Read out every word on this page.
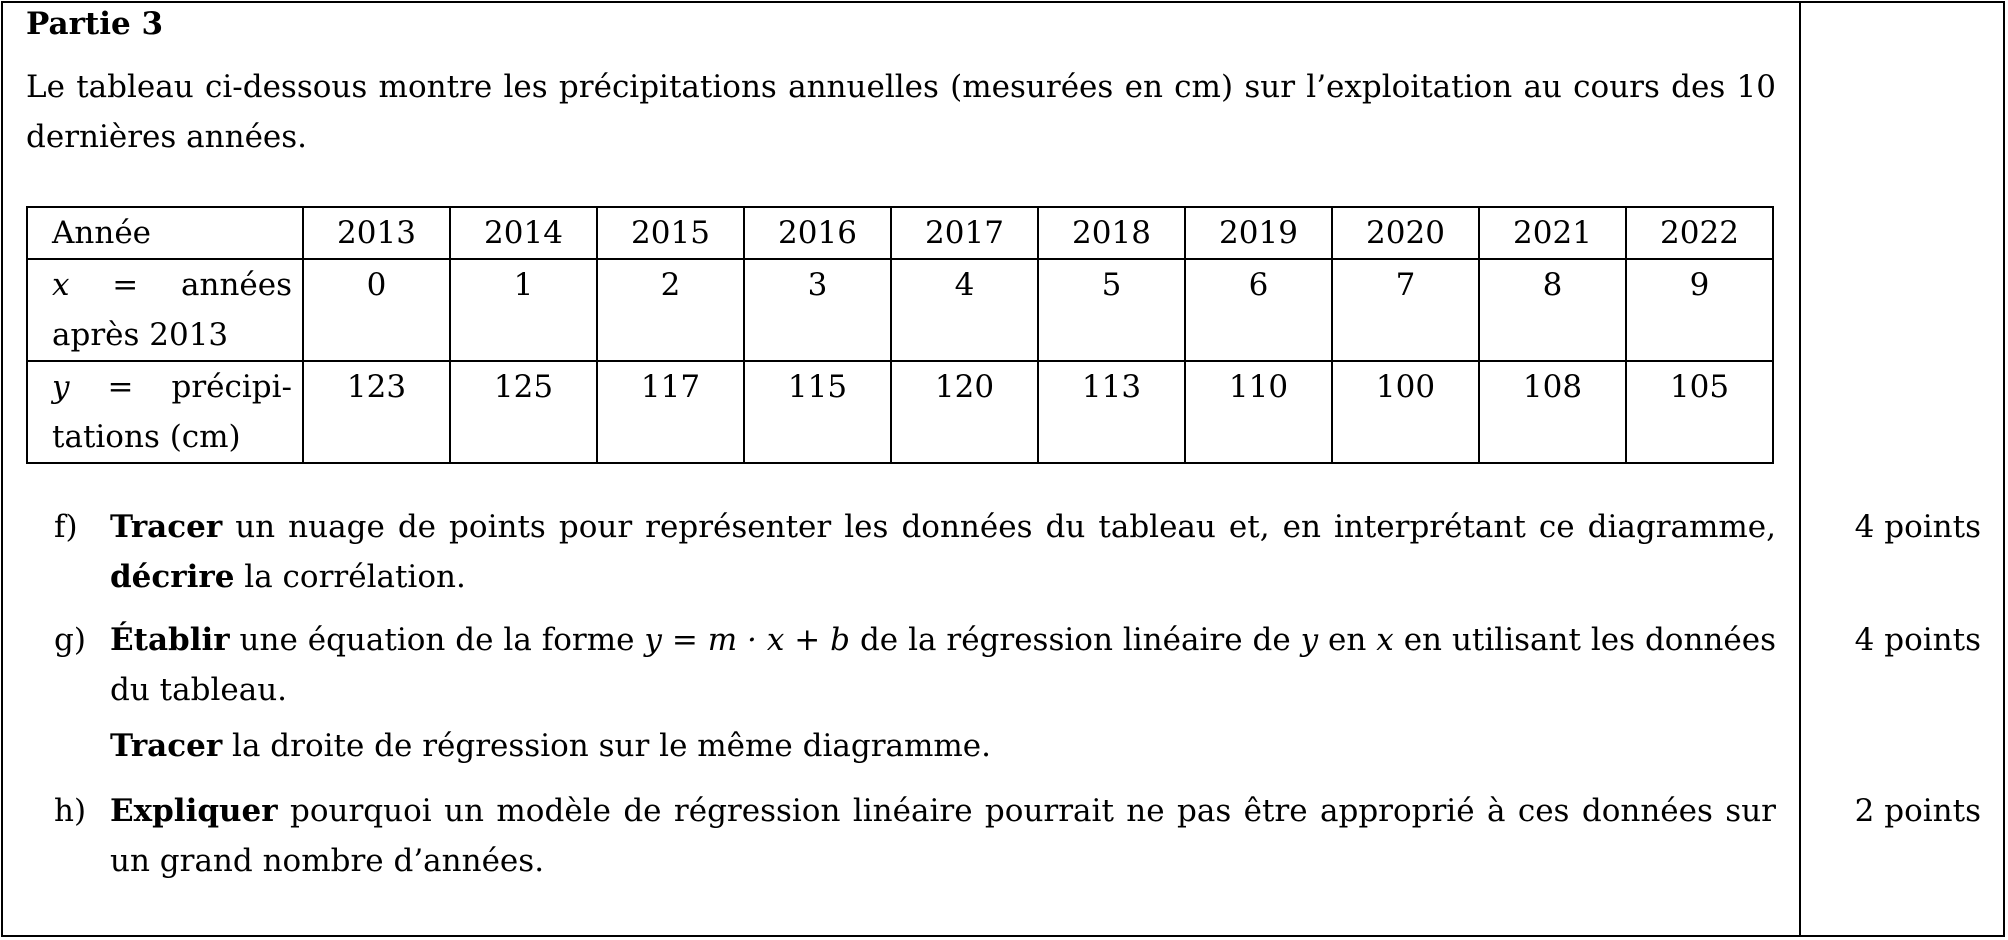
Partie 3

Le tableau ci-dessous montre les précipitations annuelles (mesurées en cm) sur l’exploitation au cours des 10 dernières années.

Année	2013	2014	2015	2016	2017	2018	2019	2020	2021	2022

x = années
après 2013	0	1	2	3	4	5	6	7	8	9

y = précipi-
tations (cm)	123	125	117	115	120	113	110	100	108	105
f) Tracer un nuage de points pour représenter les données du tableau et, en interprétant ce diagramme, décrire la corrélation.
4 points
g) Établir une équation de la forme y = m · x + b de la régression linéaire de y en x en utilisant les données du tableau.
Tracer la droite de régression sur le même diagramme.
4 points
h) Expliquer pourquoi un modèle de régression linéaire pourrait ne pas être approprié à ces données sur un grand nombre d’années.
2 points
